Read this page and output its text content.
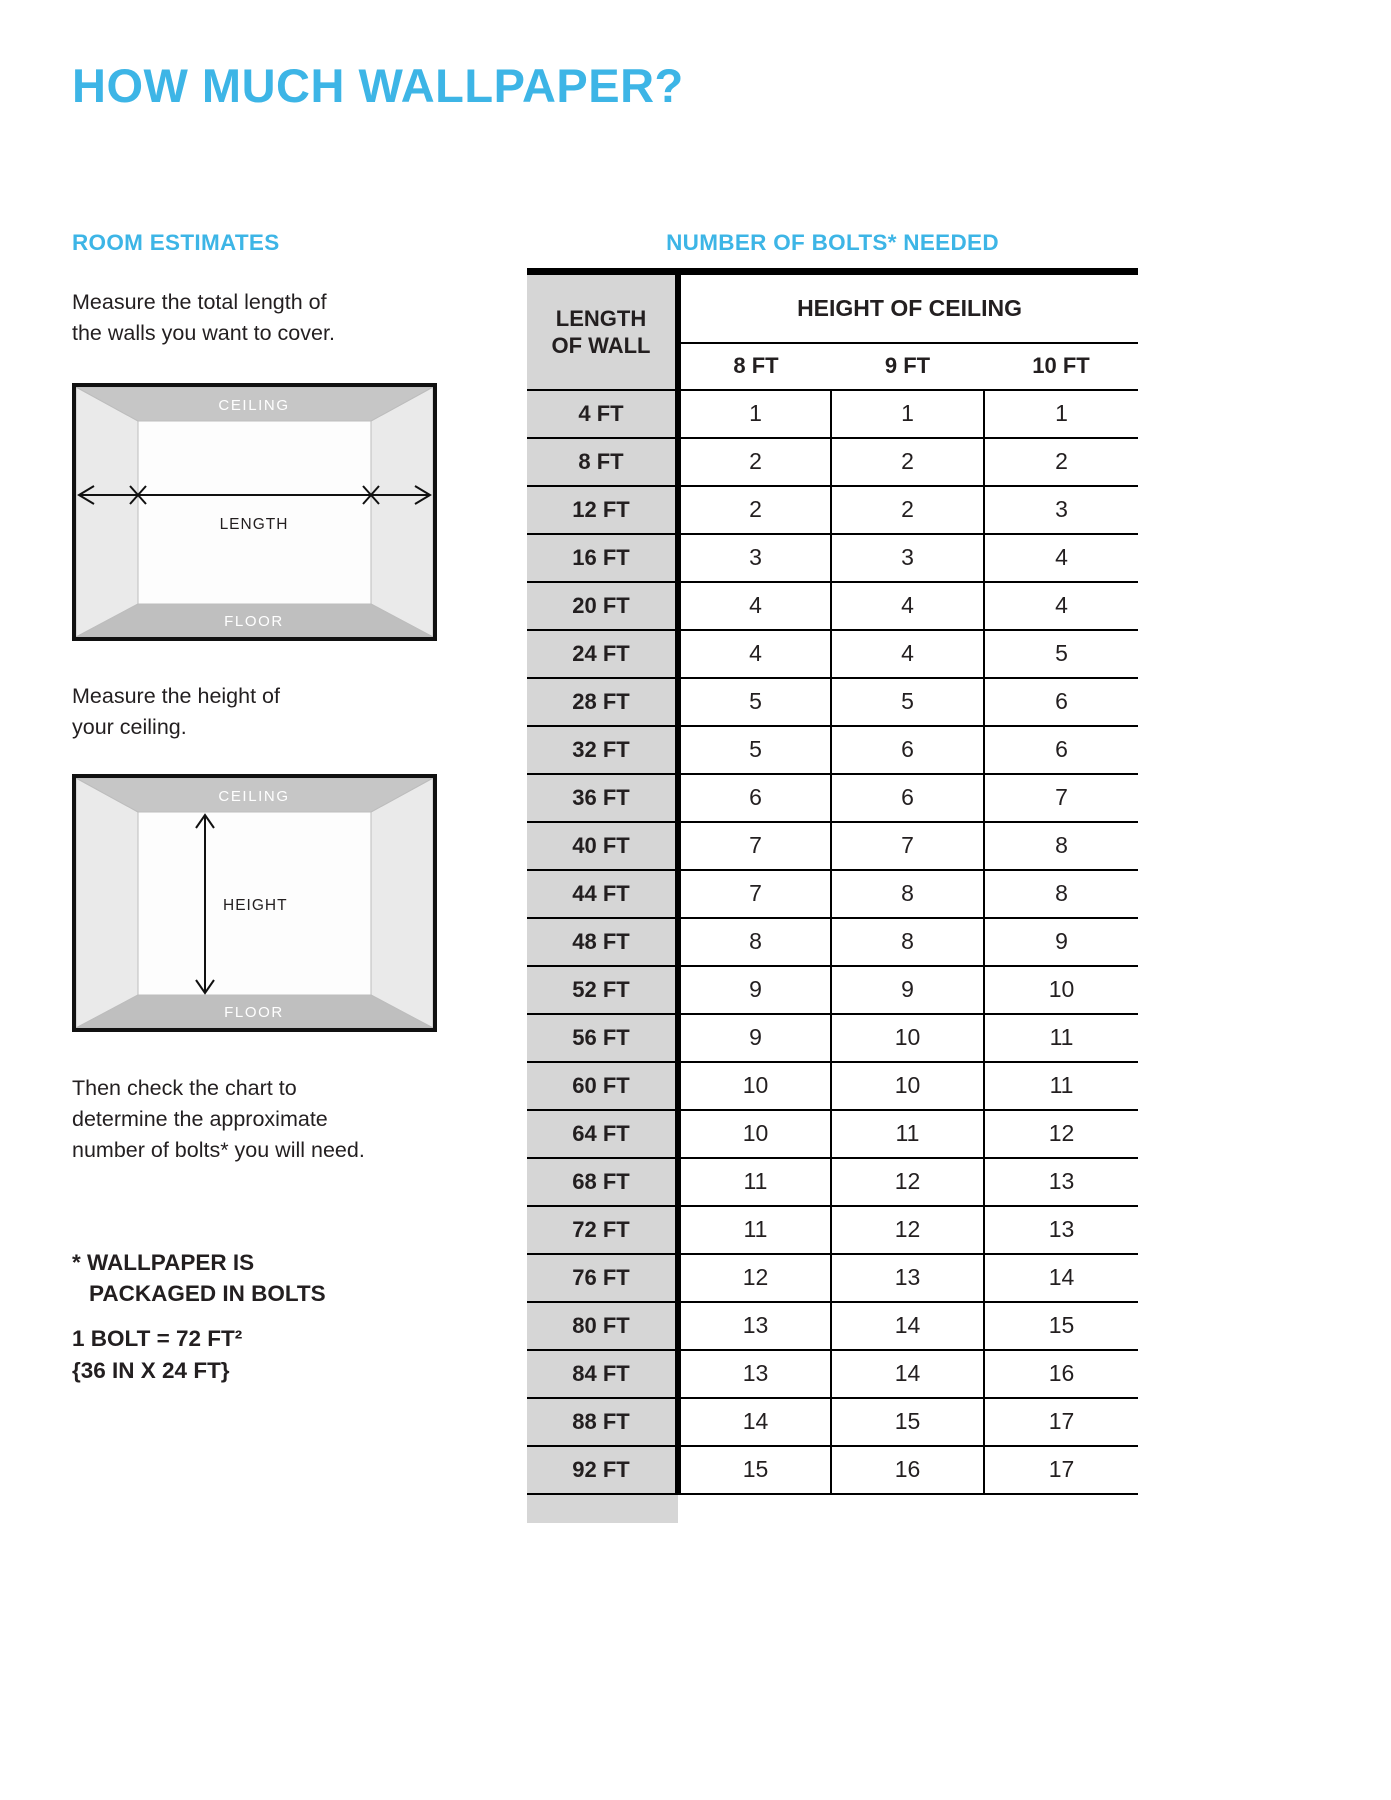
HOW MUCH WALLPAPER?
ROOM ESTIMATES
Measure the total length of
the walls you want to cover.
CEILING
FLOOR
LENGTH
Measure the height of
your ceiling.
CEILING
FLOOR
HEIGHT
Then check the chart to
determine the approximate
number of bolts* you will need.
* WALLPAPER IS
PACKAGED IN BOLTS
1 BOLT = 72 FT²
{36 IN X 24 FT}
NUMBER OF BOLTS* NEEDED
LENGTH OF WALL	HEIGHT OF CEILING		
	8 FT	9 FT	10 FT
4 FT	1	1	1
8 FT	2	2	2
12 FT	2	2	3
16 FT	3	3	4
20 FT	4	4	4
24 FT	4	4	5
28 FT	5	5	6
32 FT	5	6	6
36 FT	6	6	7
40 FT	7	7	8
44 FT	7	8	8
48 FT	8	8	9
52 FT	9	9	10
56 FT	9	10	11
60 FT	10	10	11
64 FT	10	11	12
68 FT	11	12	13
72 FT	11	12	13
76 FT	12	13	14
80 FT	13	14	15
84 FT	13	14	16
88 FT	14	15	17
92 FT	15	16	17
